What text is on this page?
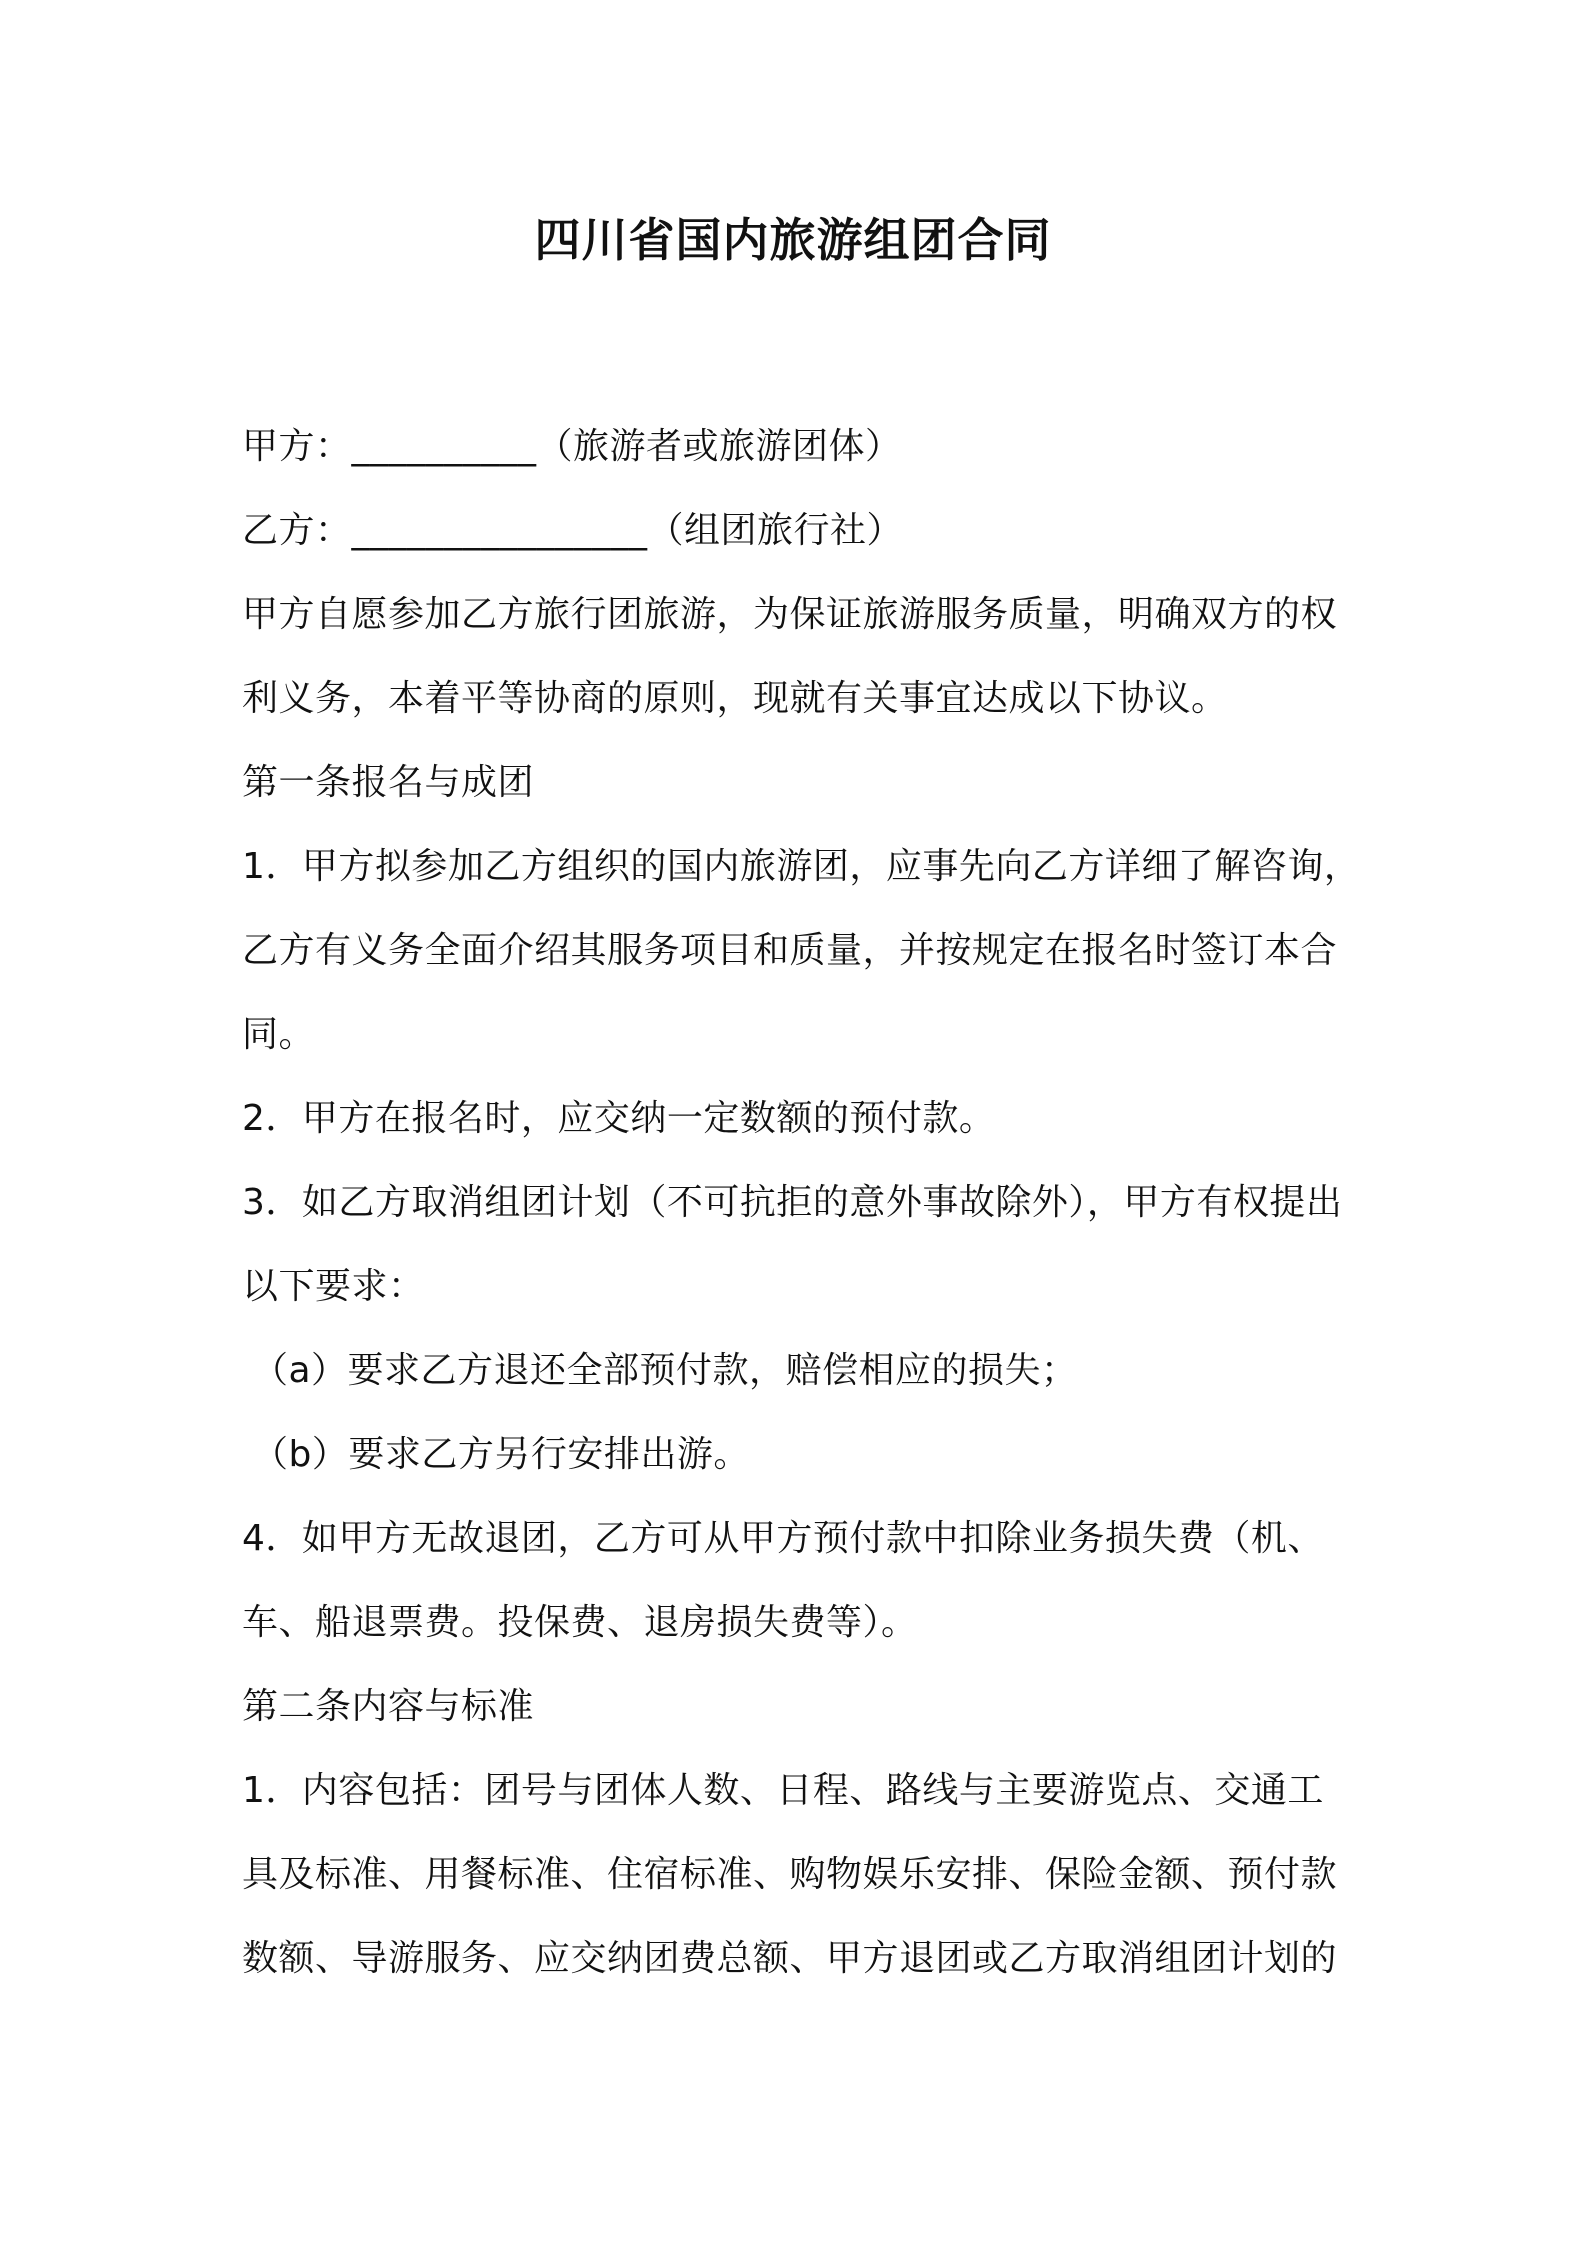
四川省国内旅游组团合同
甲方：__________（旅游者或旅游团体）
乙方：________________（组团旅行社）
甲方自愿参加乙方旅行团旅游，为保证旅游服务质量，明确双方的权
利义务，本着平等协商的原则，现就有关事宜达成以下协议。
第一条报名与成团
1．甲方拟参加乙方组织的国内旅游团，应事先向乙方详细了解咨询，
乙方有义务全面介绍其服务项目和质量，并按规定在报名时签订本合
同。
2．甲方在报名时，应交纳一定数额的预付款。
3．如乙方取消组团计划（不可抗拒的意外事故除外），甲方有权提出
以下要求：
（a）要求乙方退还全部预付款，赔偿相应的损失；
（b）要求乙方另行安排出游。
4．如甲方无故退团，乙方可从甲方预付款中扣除业务损失费（机、
车、船退票费。投保费、退房损失费等）。
第二条内容与标准
1．内容包括：团号与团体人数、日程、路线与主要游览点、交通工
具及标准、用餐标准、住宿标准、购物娱乐安排、保险金额、预付款
数额、导游服务、应交纳团费总额、甲方退团或乙方取消组团计划的
